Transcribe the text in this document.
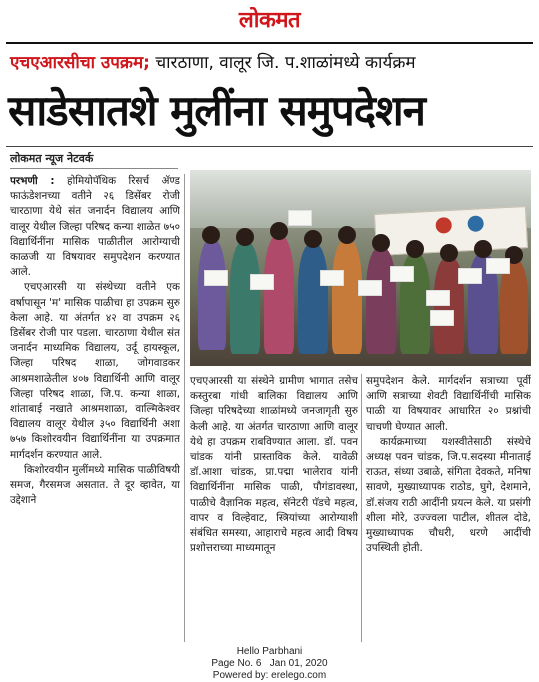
लोकमत
एचएआरसीचा उपक्रम; चारठाणा, वालूर जि. प.शाळांमध्ये कार्यक्रम
साडेसातशे मुलींना समुपदेशन
लोकमत न्यूज नेटवर्क

परभणी : होमियोपॅथिक रिसर्च ॲण्ड फाऊंडेशनच्या वतीने २६ डिसेंबर रोजी चारठाणा येथे संत जनार्दन विद्यालय आणि वालूर येथील जिल्हा परिषद कन्या शाळेत ७५० विद्यार्थिनींना मासिक पाळीतील आरोग्याची काळजी या विषयावर समुपदेशन करण्यात आले.

एचएआरसी या संस्थेच्या वतीने एक वर्षापासून 'म' मासिक पाळीचा हा उपक्रम सुरु केला आहे. या अंतर्गत ४२ वा उपक्रम २६ डिसेंबर रोजी पार पडला. चारठाणा येथील संत जनार्दन माध्यमिक विद्यालय, उर्दू हायस्कूल, जिल्हा परिषद शाळा, जोगवाडकर आश्रमशाळेतील ४०७ विद्यार्थिनी आणि वालूर जिल्हा परिषद शाळा, जि.प. कन्या शाळा, शांताबाई नखाते आश्रमशाळा, वाल्मिकेश्वर विद्यालय वालूर येथील ३५० विद्यार्थिनी अशा ७५७ किशोरवयीन विद्यार्थिनींना या उपक्रमात मार्गदर्शन करण्यात आले.

किशोरवयीन मुलींमध्ये मासिक पाळीविषयी समज, गैरसमज असतात. ते दूर व्हावेत, या उद्देशाने

एचएआरसी या संस्थेने ग्रामीण भागात तसेच कस्तुरबा गांधी बालिका विद्यालय आणि जिल्हा परिषदेच्या शाळांमध्ये जनजागृती सुरु केली आहे. या अंतर्गत चारठाणा आणि वालूर येथे हा उपक्रम राबविण्यात आला. डॉ. पवन चांडक यांनी प्रास्ताविक केले. यावेळी डॉ.आशा चांडक, प्रा.पद्मा भालेराव यांनी विद्यार्थिनींना मासिक पाळी, पौगंडावस्था, पाळीचे वैज्ञानिक महत्व, सॅनेटरी पॅडचे महत्व, वापर व विल्हेवाट, स्त्रियांच्या आरोग्याशी संबंधित समस्या, आहाराचे महत्व आदी विषय प्रशोत्तराच्या माध्यमातून

समुपदेशन केले. मार्गदर्शन सत्राच्या पूर्वी आणि सत्राच्या शेवटी विद्यार्थिनींची मासिक पाळी या विषयावर आधारित २० प्रश्नांची चाचणी घेण्यात आली.

कार्यक्रमाच्या यशस्वीतेसाठी संस्थेचे अध्यक्ष पवन चांडक, जि.प.सदस्या मीनाताई राऊत, संध्या उबाळे, संगिता देवकते, मनिषा सावणे, मुख्याध्यापक राठोड, घुगे, देशमाने, डॉ.संजय राठी आदींनी प्रयत्न केले. या प्रसंगी शीला मोरे, उज्ज्वला पाटील, शीतल दोडे, मुख्याध्यापक चौधरी, धरणे आदींची उपस्थिती होती.

Hello Parbhani
Page No. 6   Jan 01, 2020
Powered by: erelego.com
